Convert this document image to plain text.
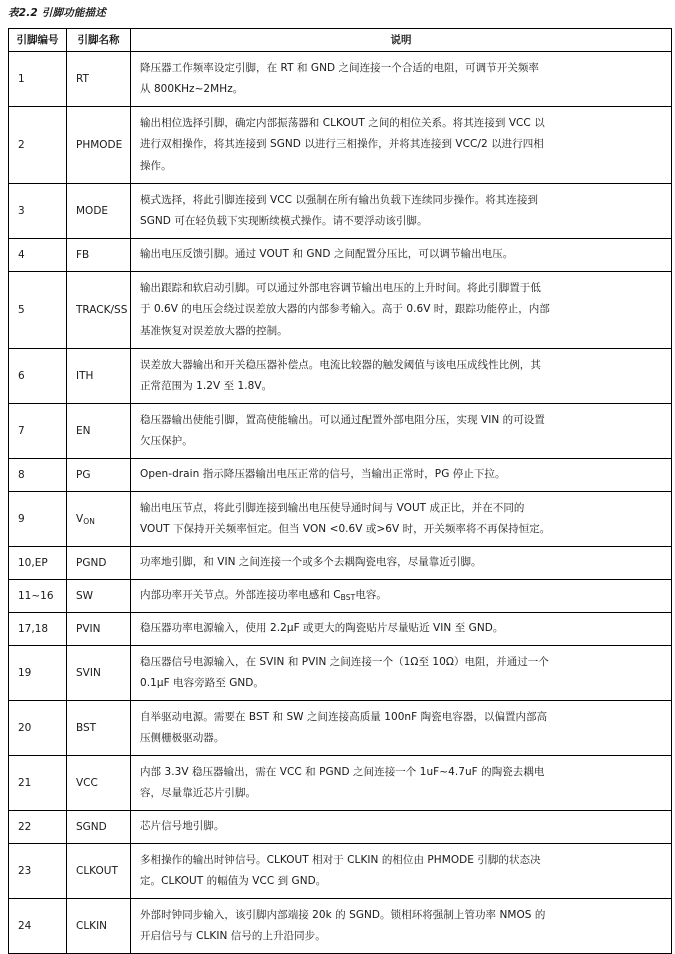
表2.2 引脚功能描述
引脚编号	引脚名称	说明
1	RT	降压器工作频率设定引脚，在 RT 和 GND 之间连接一个合适的电阻，可调节开关频率
从 800KHz~2MHz。

2	PHMODE	输出相位选择引脚，确定内部振荡器和 CLKOUT 之间的相位关系。将其连接到 VCC 以
进行双相操作，将其连接到 SGND 以进行三相操作，并将其连接到 VCC/2 以进行四相
操作。

3	MODE	模式选择，将此引脚连接到 VCC 以强制在所有输出负载下连续同步操作。将其连接到
SGND 可在轻负载下实现断续模式操作。请不要浮动该引脚。

4	FB	输出电压反馈引脚。通过 VOUT 和 GND 之间配置分压比，可以调节输出电压。

5	TRACK/SS	输出跟踪和软启动引脚。可以通过外部电容调节输出电压的上升时间。将此引脚置于低
于 0.6V 的电压会绕过误差放大器的内部参考输入。高于 0.6V 时，跟踪功能停止，内部
基准恢复对误差放大器的控制。

6	ITH	误差放大器输出和开关稳压器补偿点。电流比较器的触发阈值与该电压成线性比例，其
正常范围为 1.2V 至 1.8V。

7	EN	稳压器输出使能引脚，置高使能输出。可以通过配置外部电阻分压，实现 VIN 的可设置
欠压保护。

8	PG	Open-drain 指示降压器输出电压正常的信号，当输出正常时，PG 停止下拉。

9	$V_{ON}$	输出电压节点，将此引脚连接到输出电压使导通时间与 VOUT 成正比，并在不同的
VOUT 下保持开关频率恒定。但当 VON <0.6V 或>6V 时，开关频率将不再保持恒定。

10,EP	PGND	功率地引脚，和 VIN 之间连接一个或多个去耦陶瓷电容，尽量靠近引脚。

11~16	SW	内部功率开关节点。外部连接功率电感和 $C_{BST}$电容。

17,18	PVIN	稳压器功率电源输入，使用 2.2μF 或更大的陶瓷贴片尽量贴近 VIN 至 GND。

19	SVIN	稳压器信号电源输入，在 SVIN 和 PVIN 之间连接一个（1Ω至 10Ω）电阻，并通过一个
0.1μF 电容旁路至 GND。

20	BST	自举驱动电源。需要在 BST 和 SW 之间连接高质量 100nF 陶瓷电容器，以偏置内部高
压侧栅极驱动器。

21	VCC	内部 3.3V 稳压器输出，需在 VCC 和 PGND 之间连接一个 1uF~4.7uF 的陶瓷去耦电
容，尽量靠近芯片引脚。

22	SGND	芯片信号地引脚。

23	CLKOUT	多相操作的输出时钟信号。CLKOUT 相对于 CLKIN 的相位由 PHMODE 引脚的状态决
定。CLKOUT 的幅值为 VCC 到 GND。

24	CLKIN	外部时钟同步输入，该引脚内部端接 20k 的 SGND。锁相环将强制上管功率 NMOS 的
开启信号与 CLKIN 信号的上升沿同步。
